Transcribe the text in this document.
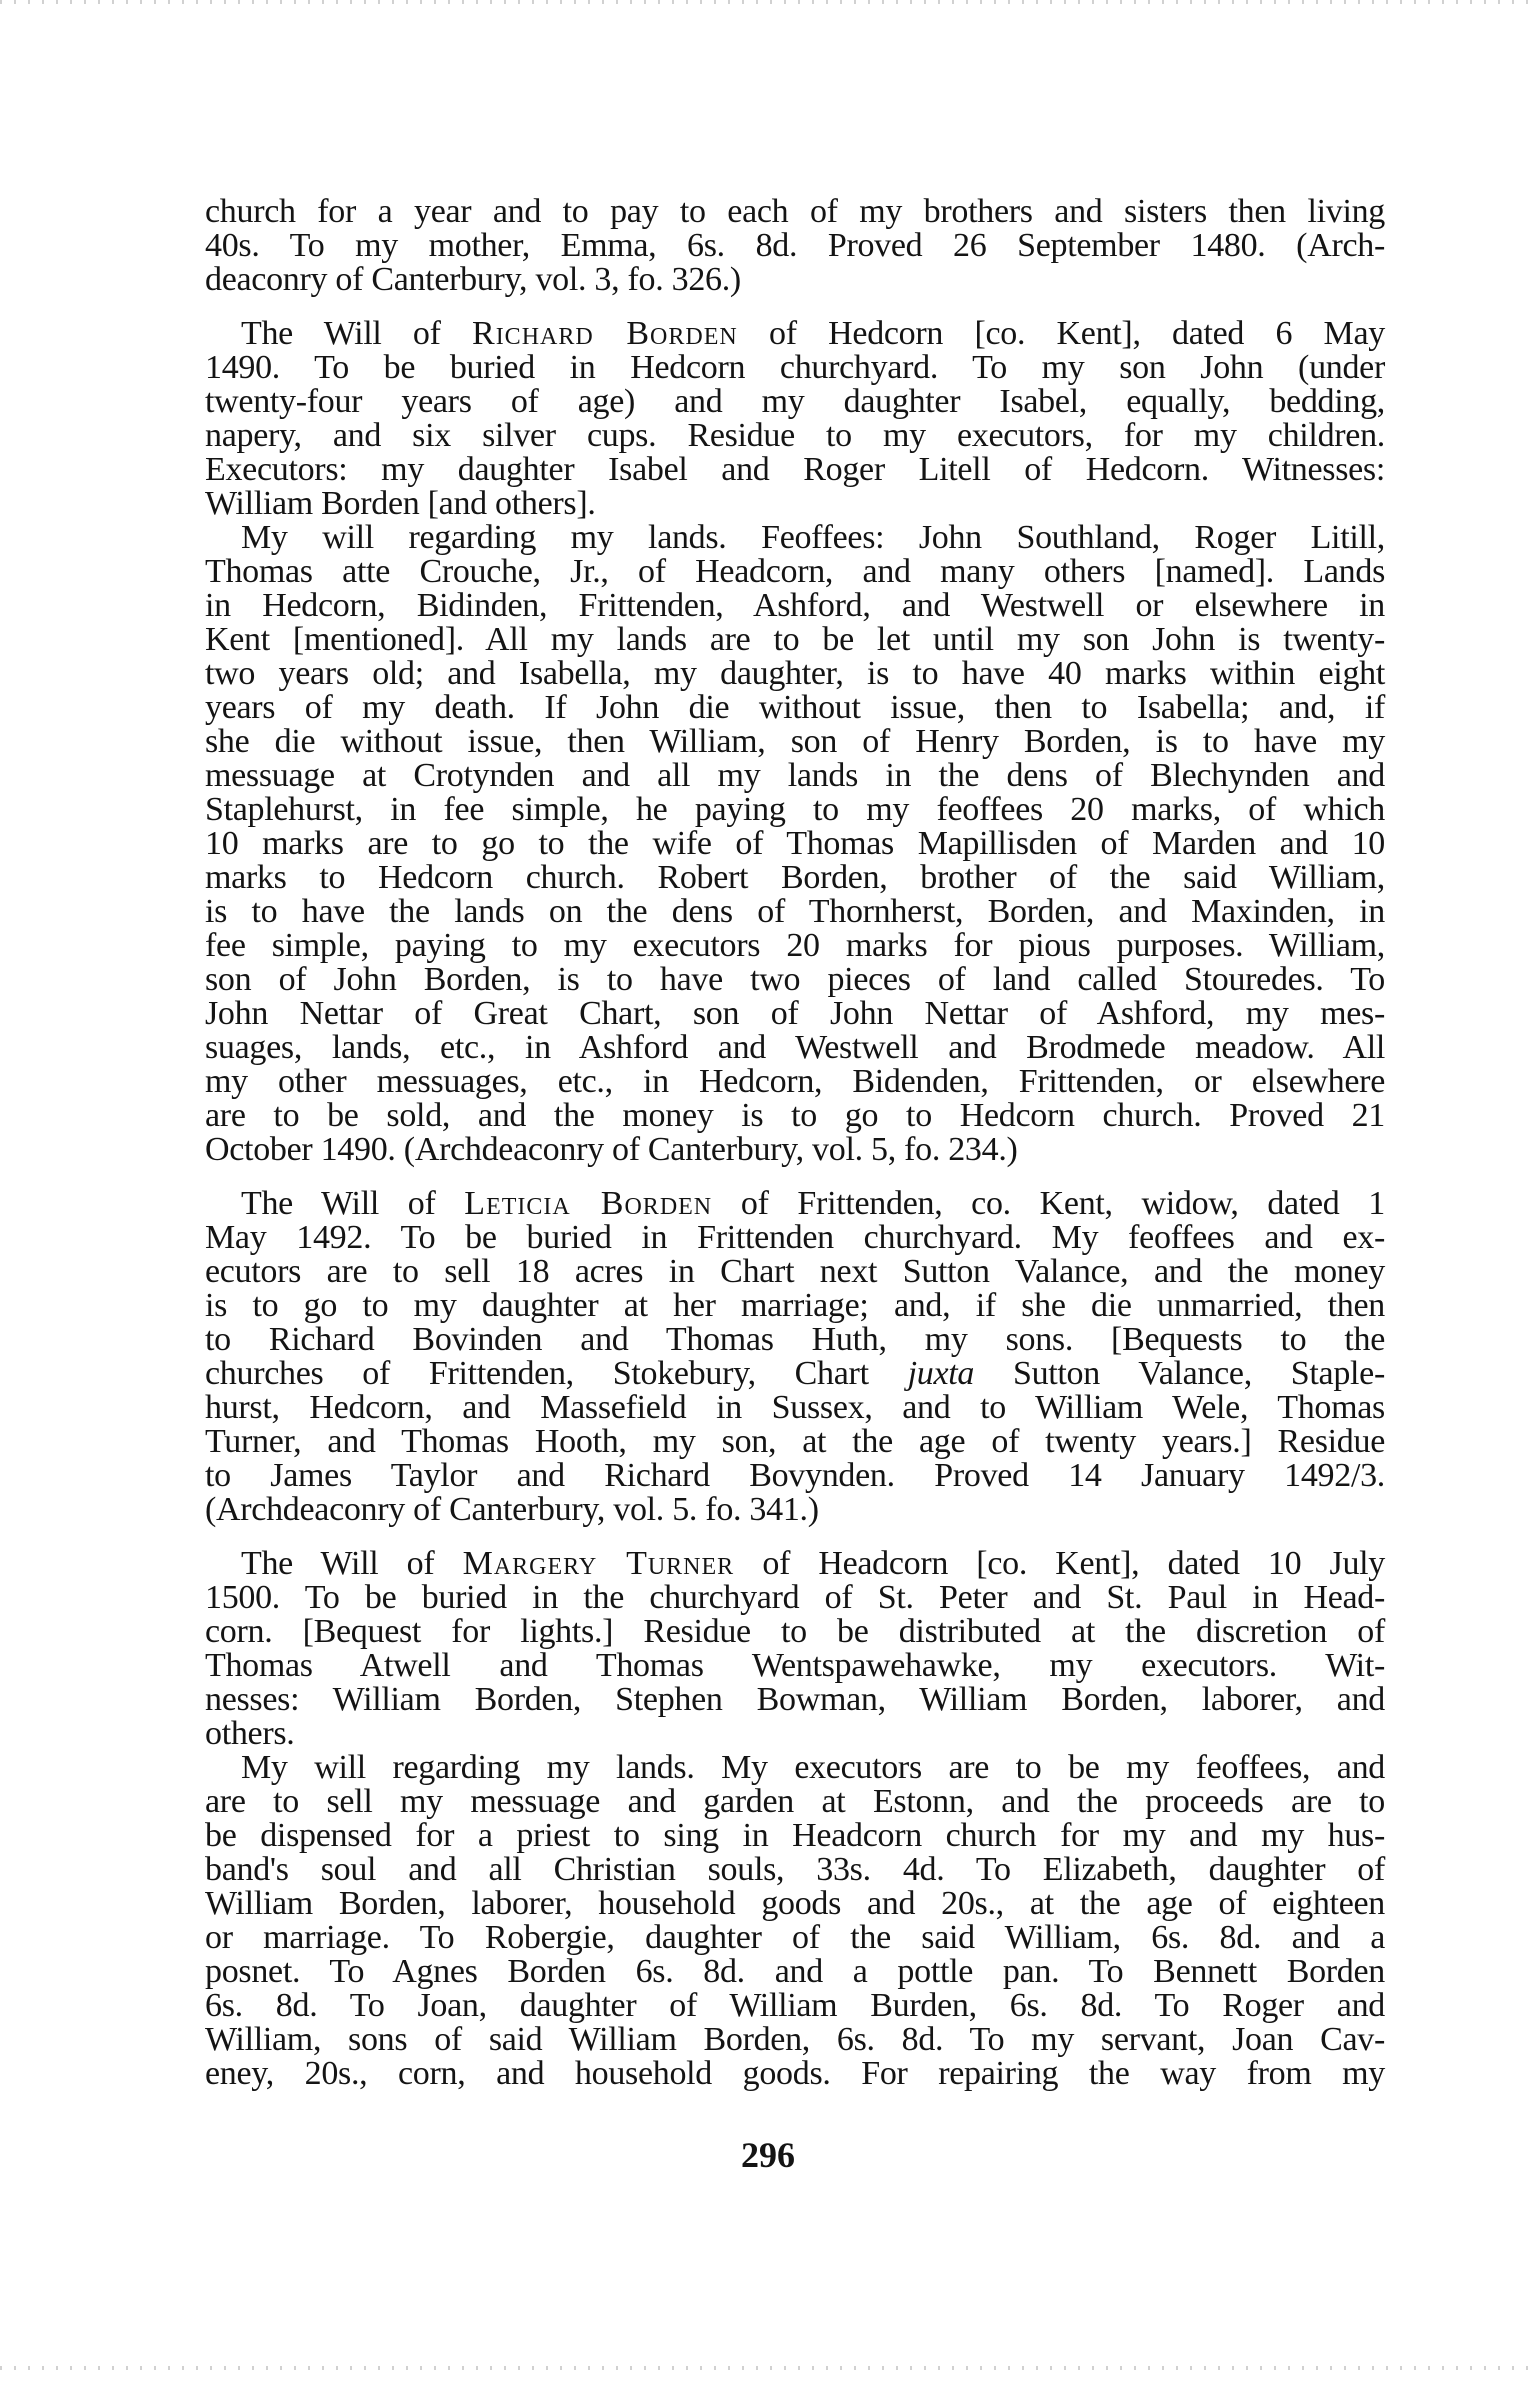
church for a year and to pay to each of my brothers and sisters then living
40s. To my mother, Emma, 6s. 8d. Proved 26 September 1480. (Arch-
deaconry of Canterbury, vol. 3, fo. 326.)
The Will of Richard Borden of Hedcorn [co. Kent], dated 6 May
1490. To be buried in Hedcorn churchyard. To my son John (under
twenty-four years of age) and my daughter Isabel, equally, bedding,
napery, and six silver cups. Residue to my executors, for my children.
Executors: my daughter Isabel and Roger Litell of Hedcorn. Witnesses:
William Borden [and others].
My will regarding my lands. Feoffees: John Southland, Roger Litill,
Thomas atte Crouche, Jr., of Headcorn, and many others [named]. Lands
in Hedcorn, Bidinden, Frittenden, Ashford, and Westwell or elsewhere in
Kent [mentioned]. All my lands are to be let until my son John is twenty-
two years old; and Isabella, my daughter, is to have 40 marks within eight
years of my death. If John die without issue, then to Isabella; and, if
she die without issue, then William, son of Henry Borden, is to have my
messuage at Crotynden and all my lands in the dens of Blechynden and
Staplehurst, in fee simple, he paying to my feoffees 20 marks, of which
10 marks are to go to the wife of Thomas Mapillisden of Marden and 10
marks to Hedcorn church. Robert Borden, brother of the said William,
is to have the lands on the dens of Thornherst, Borden, and Maxinden, in
fee simple, paying to my executors 20 marks for pious purposes. William,
son of John Borden, is to have two pieces of land called Stouredes. To
John Nettar of Great Chart, son of John Nettar of Ashford, my mes-
suages, lands, etc., in Ashford and Westwell and Brodmede meadow. All
my other messuages, etc., in Hedcorn, Bidenden, Frittenden, or elsewhere
are to be sold, and the money is to go to Hedcorn church. Proved 21
October 1490. (Archdeaconry of Canterbury, vol. 5, fo. 234.)
The Will of Leticia Borden of Frittenden, co. Kent, widow, dated 1
May 1492. To be buried in Frittenden churchyard. My feoffees and ex-
ecutors are to sell 18 acres in Chart next Sutton Valance, and the money
is to go to my daughter at her marriage; and, if she die unmarried, then
to Richard Bovinden and Thomas Huth, my sons. [Bequests to the
churches of Frittenden, Stokebury, Chart juxta Sutton Valance, Staple-
hurst, Hedcorn, and Massefield in Sussex, and to William Wele, Thomas
Turner, and Thomas Hooth, my son, at the age of twenty years.] Residue
to James Taylor and Richard Bovynden. Proved 14 January 1492/3.
(Archdeaconry of Canterbury, vol. 5. fo. 341.)
The Will of Margery Turner of Headcorn [co. Kent], dated 10 July
1500. To be buried in the churchyard of St. Peter and St. Paul in Head-
corn. [Bequest for lights.] Residue to be distributed at the discretion of
Thomas Atwell and Thomas Wentspawehawke, my executors. Wit-
nesses: William Borden, Stephen Bowman, William Borden, laborer, and
others.
My will regarding my lands. My executors are to be my feoffees, and
are to sell my messuage and garden at Estonn, and the proceeds are to
be dispensed for a priest to sing in Headcorn church for my and my hus-
band's soul and all Christian souls, 33s. 4d. To Elizabeth, daughter of
William Borden, laborer, household goods and 20s., at the age of eighteen
or marriage. To Robergie, daughter of the said William, 6s. 8d. and a
posnet. To Agnes Borden 6s. 8d. and a pottle pan. To Bennett Borden
6s. 8d. To Joan, daughter of William Burden, 6s. 8d. To Roger and
William, sons of said William Borden, 6s. 8d. To my servant, Joan Cav-
eney, 20s., corn, and household goods. For repairing the way from my
296
